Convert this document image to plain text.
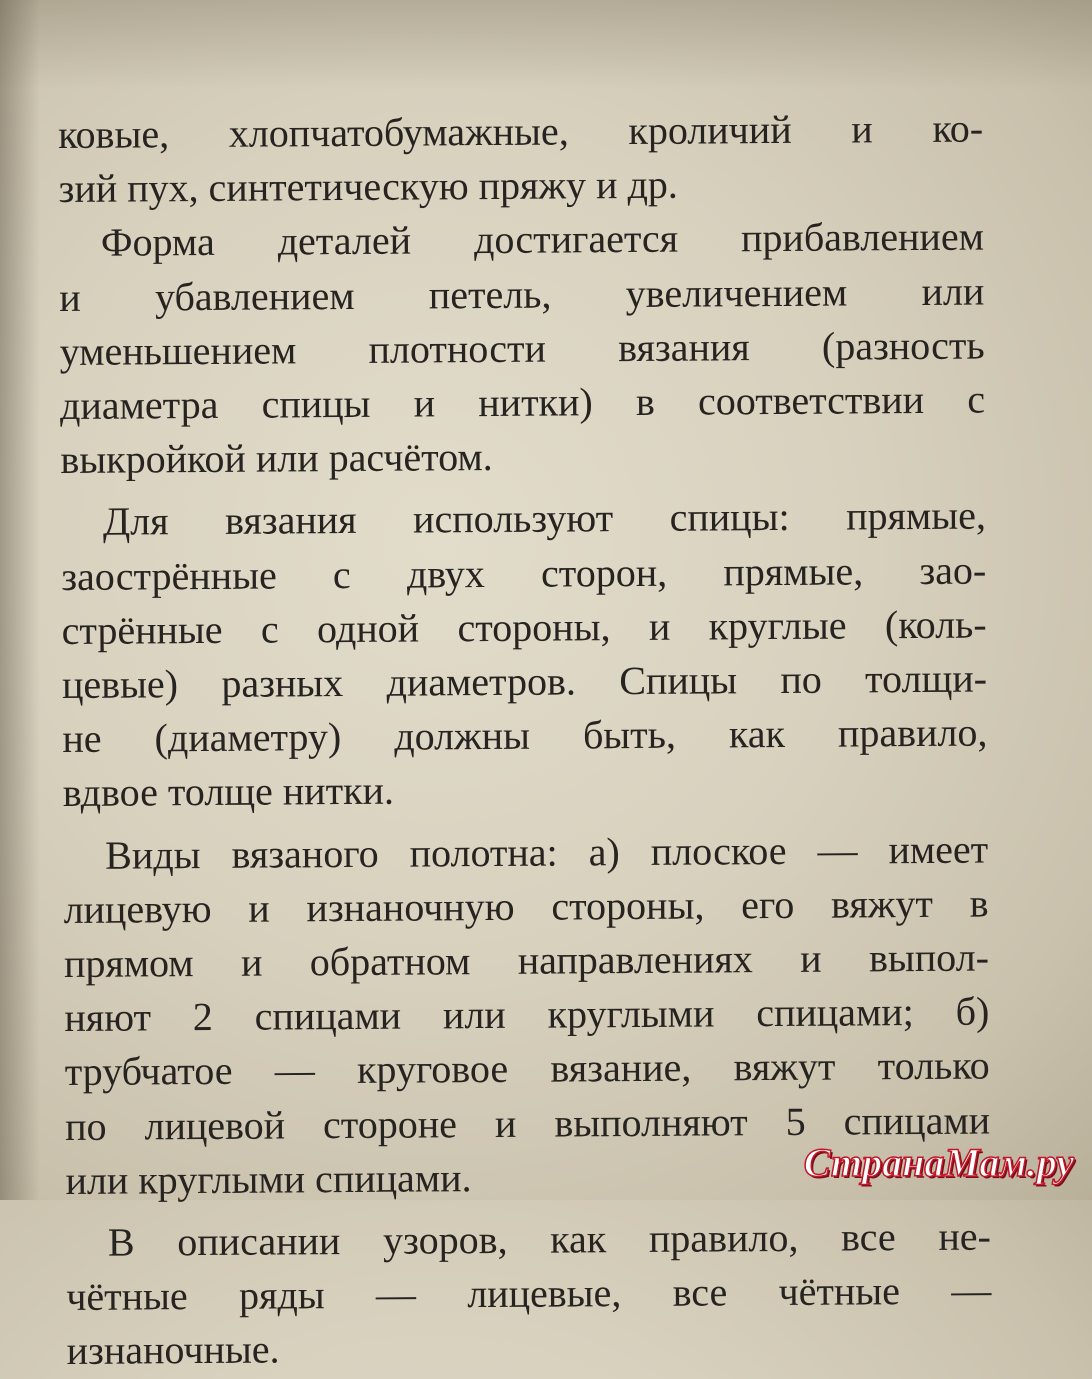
ковые, хлопчатобумажные, кроличий и ко-
зий пух, синтетическую пряжу и др.
Форма деталей достигается прибавлением
и убавлением петель, увеличением или
уменьшением плотности вязания (разность
диаметра спицы и нитки) в соответствии с
выкройкой или расчётом.
Для вязания используют спицы: прямые,
заострённые с двух сторон, прямые, зао-
стрённые с одной стороны, и круглые (коль-
цевые) разных диаметров. Спицы по толщи-
не (диаметру) должны быть, как правило,
вдвое толще нитки.
Виды вязаного полотна: а) плоское — имеет
лицевую и изнаночную стороны, его вяжут в
прямом и обратном направлениях и выпол-
няют 2 спицами или круглыми спицами; б)
трубчатое — круговое вязание, вяжут только
по лицевой стороне и выполняют 5 спицами
или круглыми спицами.
В описании узоров, как правило, все не-
чётные ряды — лицевые, все чётные —
изнаночные.
СтранаМам.ру
